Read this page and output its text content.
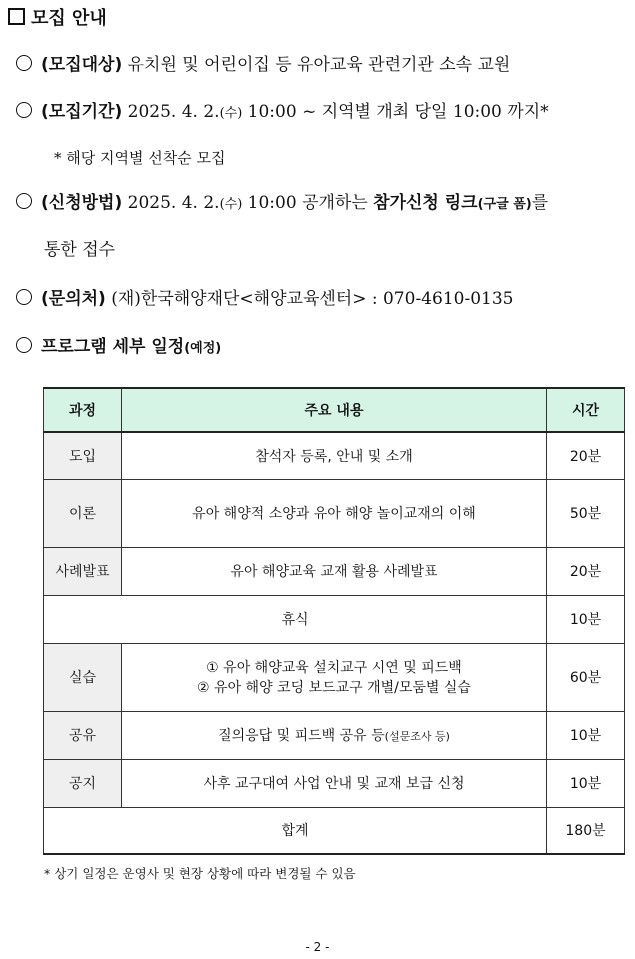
모집 안내
(모집대상) 유치원 및 어린이집 등 유아교육 관련기관 소속 교원
(모집기간) 2025. 4. 2.(수) 10:00 ~ 지역별 개최 당일 10:00 까지*
* 해당 지역별 선착순 모집
(신청방법) 2025. 4. 2.(수) 10:00 공개하는 참가신청 링크(구글 폼)를
통한 접수
(문의처) (재)한국해양재단<해양교육센터> : 070-4610-0135
프로그램 세부 일정(예정)
과정	주요 내용	시간
도입	참석자 등록, 안내 및 소개	20분
이론	유아 해양적 소양과 유아 해양 놀이교재의 이해	50분
사례발표	유아 해양교육 교재 활용 사례발표	20분
휴식		10분
실습	① 유아 해양교육 설치교구 시연 및 피드백
② 유아 해양 코딩 보드교구 개별/모둠별 실습	60분
공유	질의응답 및 피드백 공유 등(설문조사 등)	10분
공지	사후 교구대여 사업 안내 및 교재 보급 신청	10분
합계		180분
* 상기 일정은 운영사 및 현장 상황에 따라 변경될 수 있음
- 2 -
